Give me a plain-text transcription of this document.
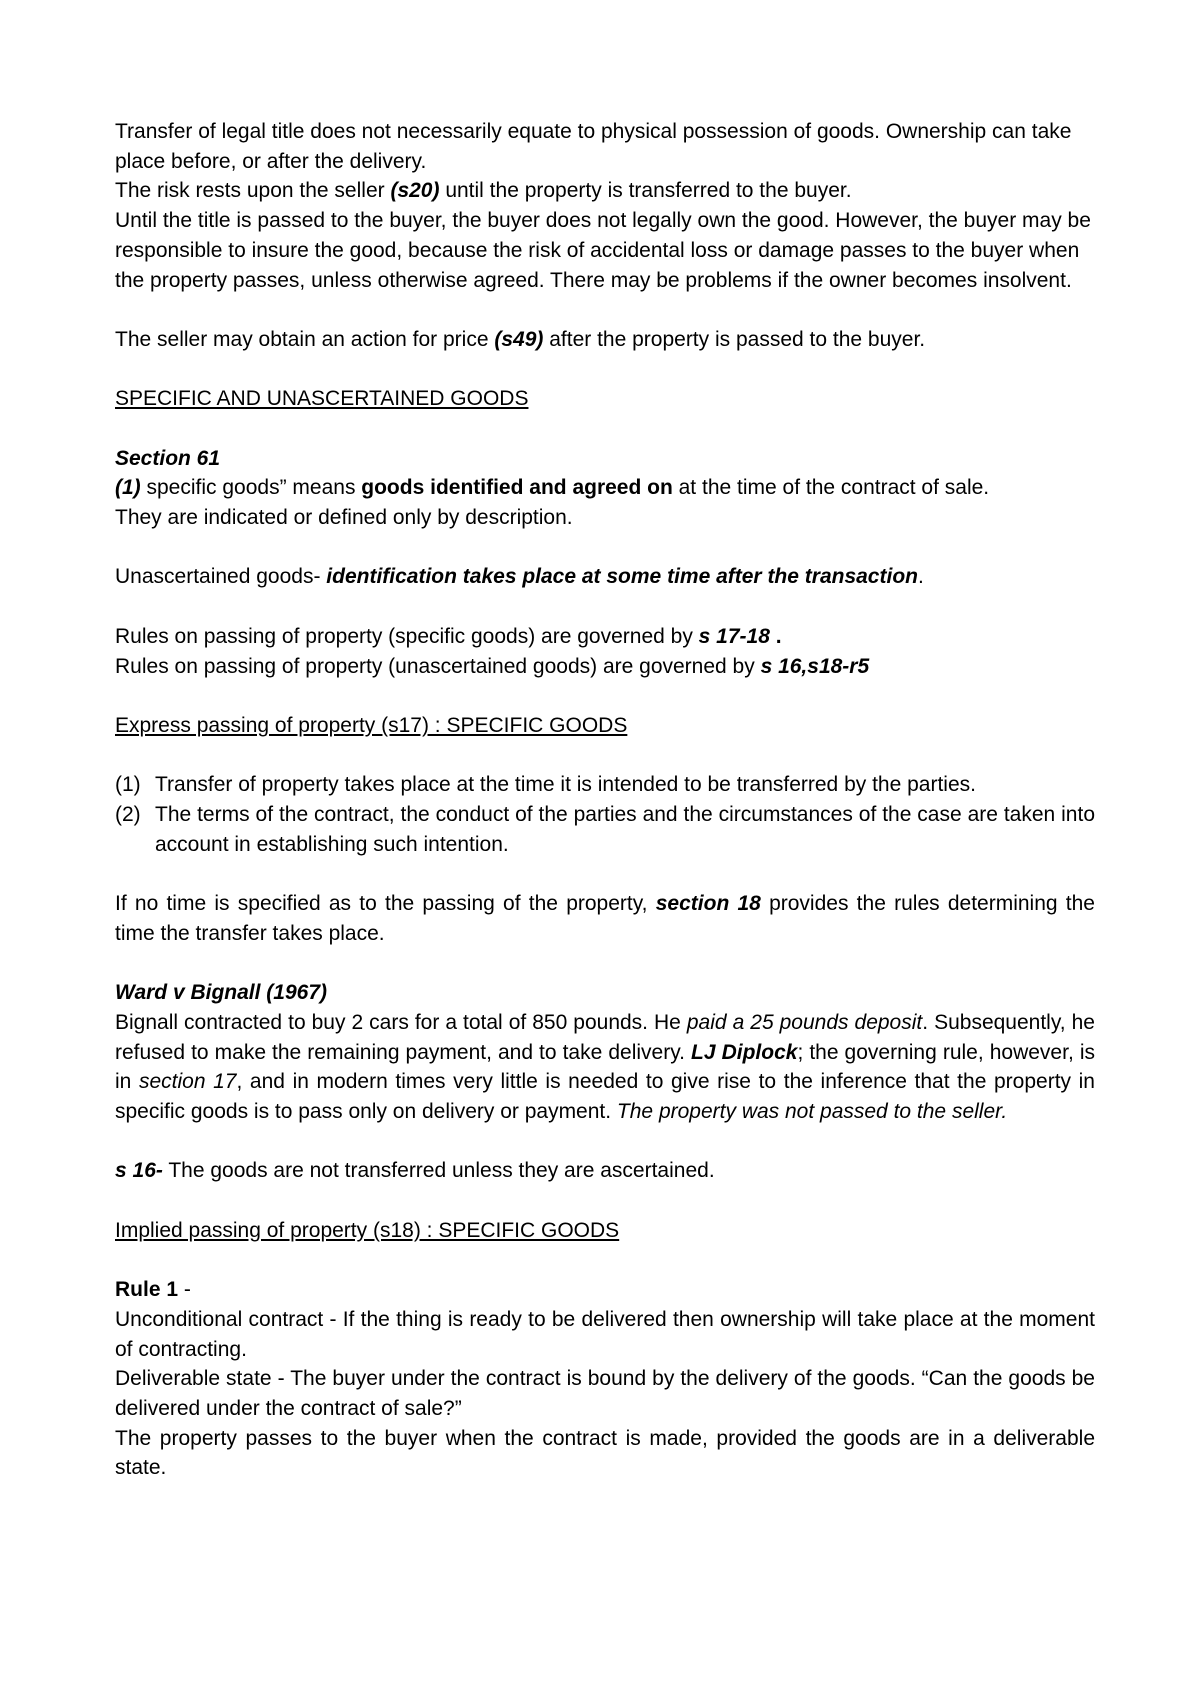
Transfer of legal title does not necessarily equate to physical possession of goods. Ownership can take place before, or after the delivery.

The risk rests upon the seller (s20) until the property is transferred to the buyer.

Until the title is passed to the buyer, the buyer does not legally own the good. However, the buyer may be responsible to insure the good, because the risk of accidental loss or damage passes to the buyer when the property passes, unless otherwise agreed. There may be problems if the owner becomes insolvent.

The seller may obtain an action for price (s49) after the property is passed to the buyer.

SPECIFIC AND UNASCERTAINED GOODS

Section 61

(1) specific goods” means goods identified and agreed on at the time of the contract of sale.

They are indicated or defined only by description.

Unascertained goods- identification takes place at some time after the transaction.

Rules on passing of property (specific goods) are governed by s 17-18 .

Rules on passing of property (unascertained goods) are governed by s 16,s18-r5

Express passing of property (s17) : SPECIFIC GOODS

(1) Transfer of property takes place at the time it is intended to be transferred by the parties.
(2) The terms of the contract, the conduct of the parties and the circumstances of the case are taken into account in establishing such intention.

If no time is specified as to the passing of the property, section 18 provides the rules determining the time the transfer takes place.

Ward v Bignall (1967)

Bignall contracted to buy 2 cars for a total of 850 pounds. He paid a 25 pounds deposit. Subsequently, he refused to make the remaining payment, and to take delivery. LJ Diplock; the governing rule, however, is in section 17, and in modern times very little is needed to give rise to the inference that the property in specific goods is to pass only on delivery or payment. The property was not passed to the seller.

s 16- The goods are not transferred unless they are ascertained.

Implied passing of property (s18) : SPECIFIC GOODS

Rule 1 -

Unconditional contract - If the thing is ready to be delivered then ownership will take place at the moment of contracting.

Deliverable state - The buyer under the contract is bound by the delivery of the goods. “Can the goods be delivered under the contract of sale?”

The property passes to the buyer when the contract is made, provided the goods are in a deliverable state.
